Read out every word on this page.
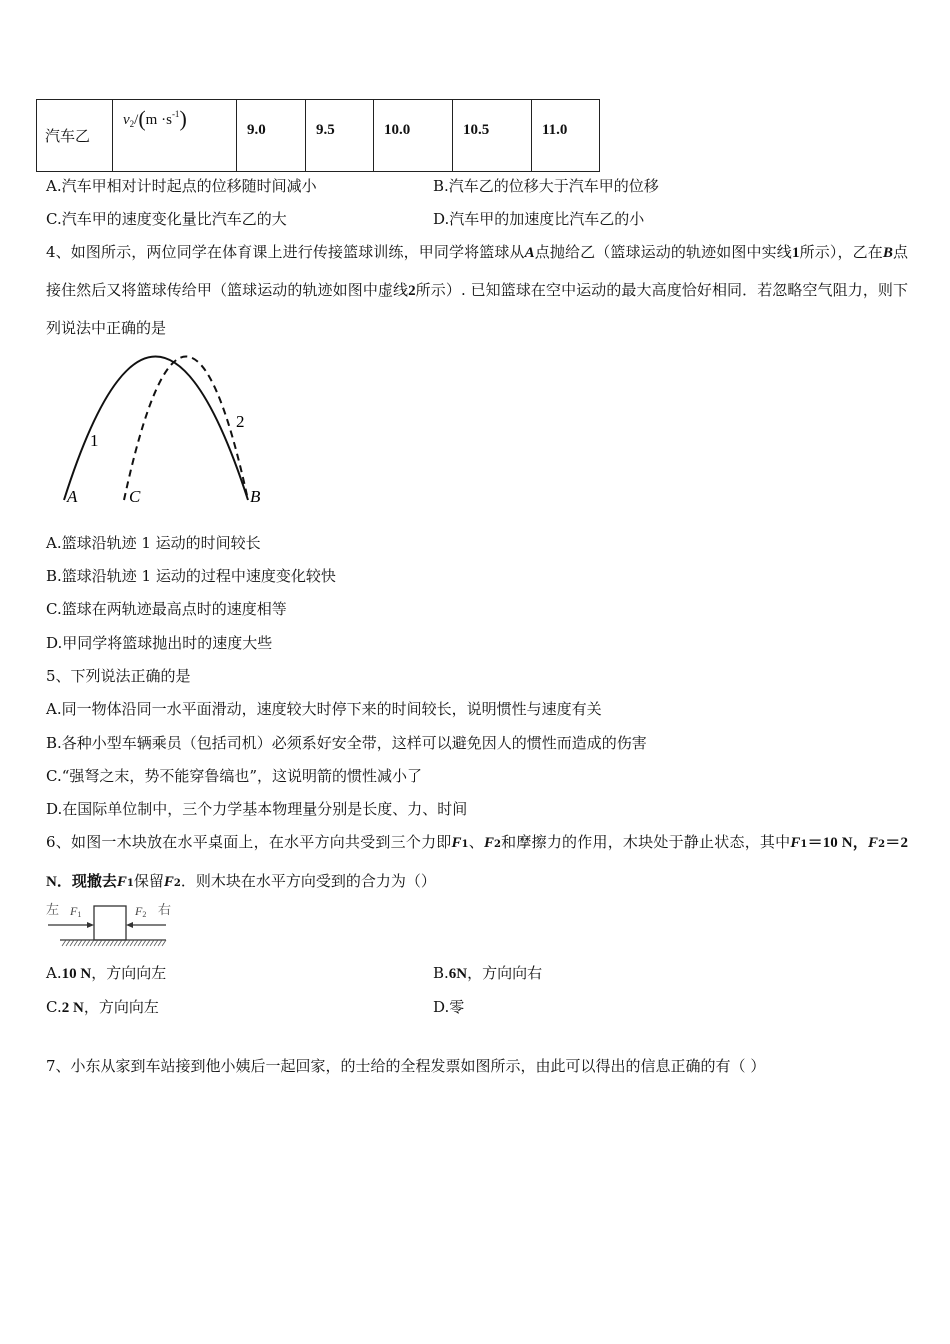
汽车乙	$v_2/(m \cdot s^{-1})$	9.0	9.5	10.0	10.5	11.0
A.汽车甲相对计时起点的位移随时间减小	B.汽车乙的位移大于汽车甲的位移
C.汽车甲的速度变化量比汽车乙的大	D.汽车甲的加速度比汽车乙的小
4、如图所示，两位同学在体育课上进行传接篮球训练，甲同学将篮球从A点抛给乙（篮球运动的轨迹如图中实线1所示），乙在B点接住然后又将篮球传给甲（篮球运动的轨迹如图中虚线2所示）. 已知篮球在空中运动的最大高度恰好相同．若忽略空气阻力，则下列说法中正确的是
1
2
A	C	B
A.篮球沿轨迹 1 运动的时间较长
B.篮球沿轨迹 1 运动的过程中速度变化较快
C.篮球在两轨迹最高点时的速度相等
D.甲同学将篮球抛出时的速度大些
5、下列说法正确的是
A.同一物体沿同一水平面滑动，速度较大时停下来的时间较长，说明惯性与速度有关
B.各种小型车辆乘员（包括司机）必须系好安全带，这样可以避免因人的惯性而造成的伤害
C.“强弩之末，势不能穿鲁缟也”，这说明箭的惯性减小了
D.在国际单位制中，三个力学基本物理量分别是长度、力、时间
6、如图一木块放在水平桌面上，在水平方向共受到三个力即F1、F2和摩擦力的作用，木块处于静止状态，其中F1＝10 N，F2＝2 N．现撤去F1保留F2．则木块在水平方向受到的合力为（）
左 F1	F2 右
A.10 N，方向向左	B.6N，方向向右
C.2 N，方向向左	D.零
7、小东从家到车站接到他小姨后一起回家，的士给的全程发票如图所示，由此可以得出的信息正确的有（ ）
